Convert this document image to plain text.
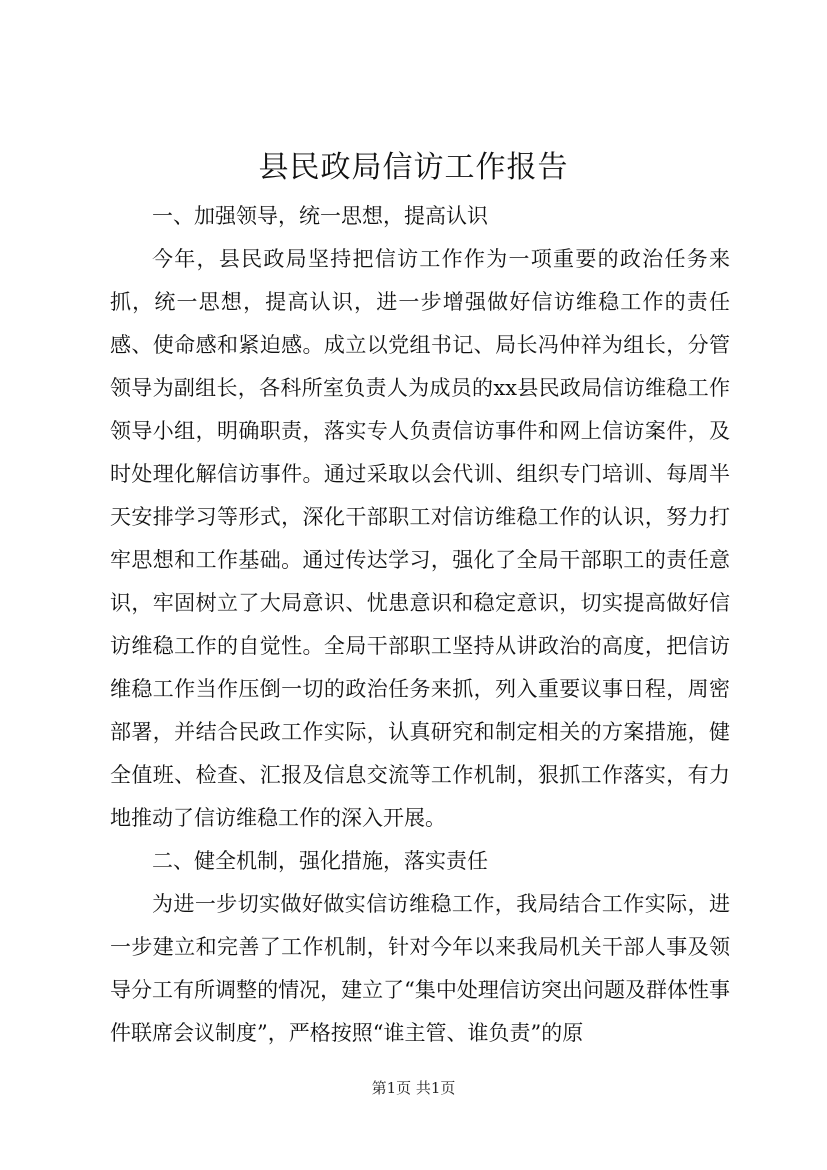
县民政局信访工作报告

一、加强领导，统一思想，提高认识

今年，县民政局坚持把信访工作作为一项重要的政治任务来抓，统一思想，提高认识，进一步增强做好信访维稳工作的责任感、使命感和紧迫感。成立以党组书记、局长冯仲祥为组长，分管领导为副组长，各科所室负责人为成员的xx县民政局信访维稳工作领导小组，明确职责，落实专人负责信访事件和网上信访案件，及时处理化解信访事件。通过采取以会代训、组织专门培训、每周半天安排学习等形式，深化干部职工对信访维稳工作的认识，努力打牢思想和工作基础。通过传达学习，强化了全局干部职工的责任意识，牢固树立了大局意识、忧患意识和稳定意识，切实提高做好信访维稳工作的自觉性。全局干部职工坚持从讲政治的高度，把信访维稳工作当作压倒一切的政治任务来抓，列入重要议事日程，周密部署，并结合民政工作实际，认真研究和制定相关的方案措施，健全值班、检查、汇报及信息交流等工作机制，狠抓工作落实，有力地推动了信访维稳工作的深入开展。

二、健全机制，强化措施，落实责任

为进一步切实做好做实信访维稳工作，我局结合工作实际，进一步建立和完善了工作机制，针对今年以来我局机关干部人事及领导分工有所调整的情况，建立了“集中处理信访突出问题及群体性事件联席会议制度”，严格按照“谁主管、谁负责”的原

第1页 共1页
